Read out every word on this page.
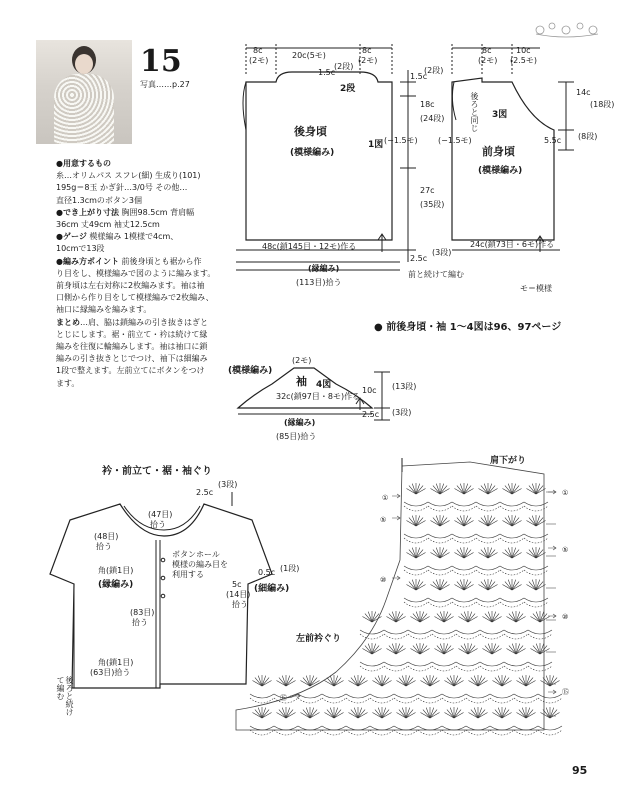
15
写真……p.27

●用意するもの

糸…オリムパス スフレ(細) 生成り(101)

195g＝8玉 かぎ針…3/0号 その他…

直径1.3cmのボタン3個

●でき上がり寸法 胸囲98.5cm 背肩幅

36cm 丈49cm 袖丈12.5cm

●ゲージ 模様編み 1模様で4cm、

10cmで13段

●編み方ポイント 前後身頃とも裾から作

り目をし、模様編みで図のように編みます。

前身頃は左右対称に2枚編みます。袖は袖

口側から作り目をして模様編みで2枚編み、

袖口に縁編みを編みます。

まとめ…肩、脇は鎖編みの引き抜きはぎと

とじにします。裾・前立て・衿は続けて縁

編みを往復に輪編みします。袖は袖口に鎖

編みの引き抜きとじでつけ、袖下は細編み

1段で整えます。左前立てにボタンをつけ

ます。

8c
(2モ)
20c(5モ)
8c
(2モ)
1.5c
(2段)
2段
後身頃
(模様編み)
1図 (−1.5モ)
1.5c
(2段)
18c
(24段)
27c
(35段)
2.5c
(3段)
48c(鎖145目・12モ)作る
(縁編み)
(113目)拾う
前と続けて編む
8c
(2モ)
10c
(2.5モ)
3図
後ろと同じ
(−1.5モ)
前身頃
(模様編み)
14c
(18段)
5.5c (8段)
24c(鎖73目・6モ)作る
モ＝模様
● 前後身頃・袖 1〜4図は96、97ページ
(模様編み)
(2モ)
袖 4図
32c(鎖97目・8モ)作る
(縁編み)
(85目)拾う
10c (13段)
2.5c (3段)
衿・前立て・裾・袖ぐり
2.5c
(3段)
(47目)
拾う
(48目)
拾う
角(鎖1目)
(縁編み)
ボタンホール
模様の編み目を
利用する
(83目)
拾う
0.5c (1段)
5c
(14目)
拾う
(細編み)
角(鎖1目)
(63目)拾う
後ろと続けて編む
肩下がり
左前衿ぐり
①
⑤
⑩
⑮
①
⑤
⑩
⑮
95
